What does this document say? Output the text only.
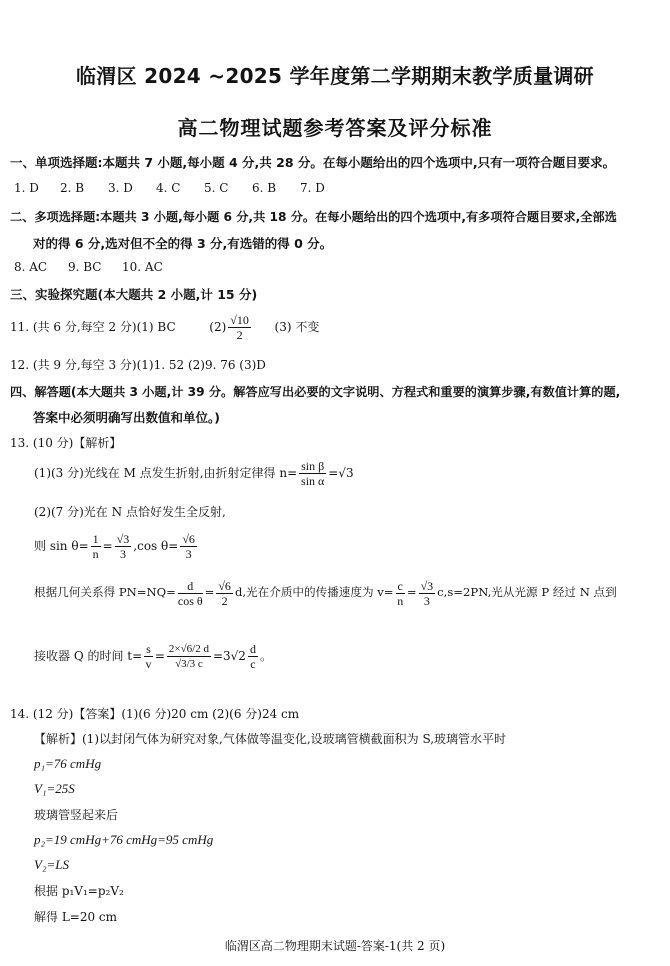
临渭区 2024 ~2025 学年度第二学期期末教学质量调研
高二物理试题参考答案及评分标准
一、单项选择题:本题共 7 小题,每小题 4 分,共 28 分。在每小题给出的四个选项中,只有一项符合题目要求。
1. D 2. B 3. D 4. C 5. C 6. B 7. D
二、多项选择题:本题共 3 小题,每小题 6 分,共 18 分。在每小题给出的四个选项中,有多项符合题目要求,全部选
对的得 6 分,选对但不全的得 3 分,有选错的得 0 分。
8. AC 9. BC 10. AC
三、实验探究题(本大题共 2 小题,计 15 分)
11. (共 6 分,每空 2 分)(1) BC	$(2) \frac{√10}{2} (3)$ 不变
12. (共 9 分,每空 3 分)(1)1. 52 (2)9. 76 (3)D
四、解答题(本大题共 3 小题,计 39 分。解答应写出必要的文字说明、方程式和重要的演算步骤,有数值计算的题,
答案中必须明确写出数值和单位。)
13. (10 分)【解析】
(1)(3 分)光线在 M 点发生折射,由折射定律得 $n= \frac{\text{sin β}}{\text{sin α}} =√3$
(2)(7 分)光在 N 点恰好发生全反射,
则 $\sin \theta= \frac{1}{n} = \frac{√3}{3} ,\cos$ $\theta= \frac{√6}{3}$
根据几何关系得 $PN=NQ= \frac{d}{\text{cos θ}} = \frac{√6}{2} d$,光在介质中的传播速度为 $v= \frac{c}{n} = \frac{√3}{3} c,s=2PN$,光从光源 P 经过 N 点到
接收器 Q 的时间 $t= \frac{s}{v} = \frac{2\times√6/2 d}{√3/3 c} =3√2 \frac{d}{c}$ 。
14. (12 分)【答案】(1)(6 分)20 cm (2)(6 分)24 cm
【解析】(1)以封闭气体为研究对象,气体做等温变化,设玻璃管横截面积为 S,玻璃管水平时
p₁=76 cmHg
V₁=25S
玻璃管竖起来后
p₂=19 cmHg+76 cmHg=95 cmHg
V₂=LS
根据 p₁V₁=p₂V₂
解得 L=20 cm
临渭区高二物理期末试题-答案-1(共 2 页)
